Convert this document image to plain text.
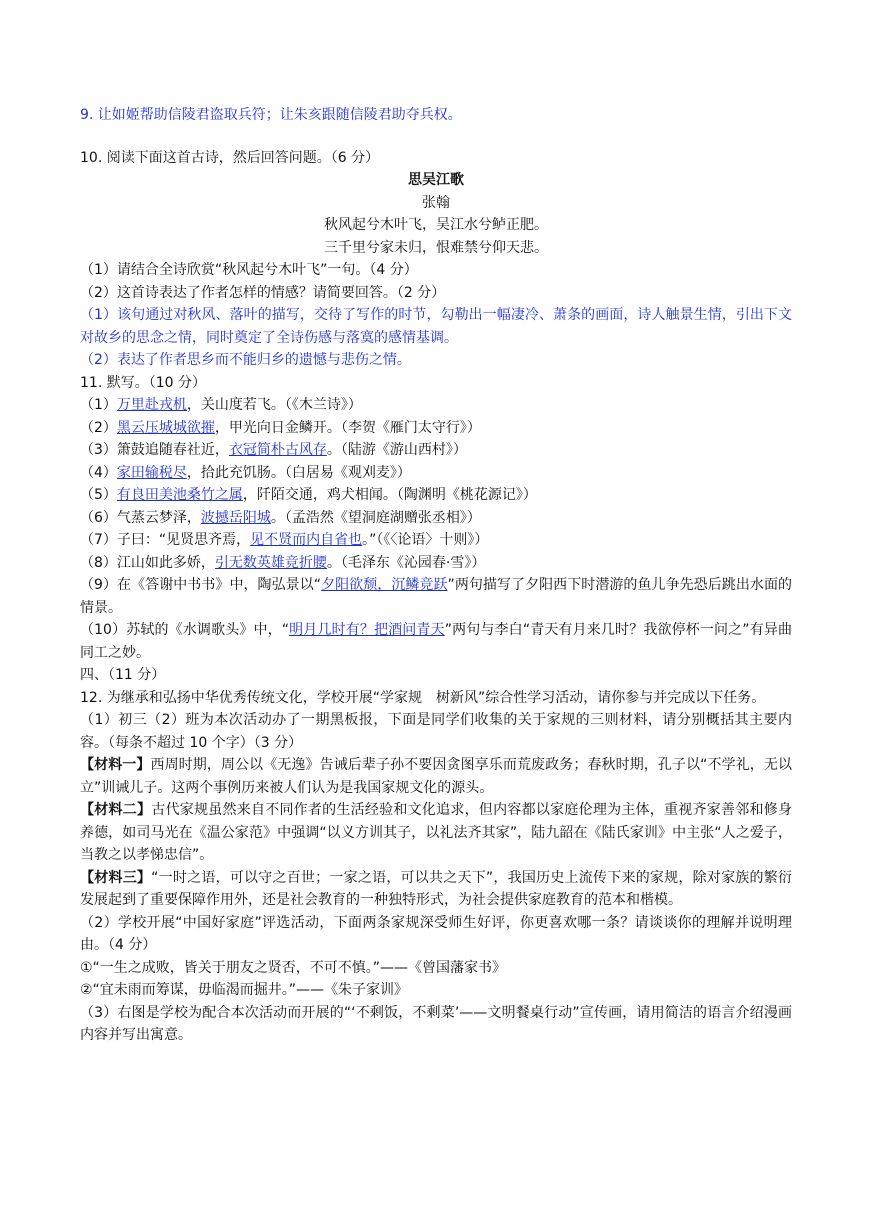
9. 让如姬帮助信陵君盗取兵符；让朱亥跟随信陵君助夺兵权。
10. 阅读下面这首古诗，然后回答问题。（6 分）
思吴江歌
张翰
秋风起兮木叶飞，吴江水兮鲈正肥。
三千里兮家未归，恨难禁兮仰天悲。
（1）请结合全诗欣赏“秋风起兮木叶飞”一句。（4 分）
（2）这首诗表达了作者怎样的情感？请简要回答。（2 分）
（1）该句通过对秋风、落叶的描写，交待了写作的时节，勾勒出一幅凄冷、萧条的画面，诗人触景生情，引出下文对故乡的思念之情，同时奠定了全诗伤感与落寞的感情基调。
（2）表达了作者思乡而不能归乡的遗憾与悲伤之情。
11. 默写。（10 分）
（1）万里赴戎机，关山度若飞。（《木兰诗》）
（2）黑云压城城欲摧，甲光向日金鳞开。（李贺《雁门太守行》）
（3）箫鼓追随春社近，衣冠简朴古风存。（陆游《游山西村》）
（4）家田输税尽，拾此充饥肠。（白居易《观刈麦》）
（5）有良田美池桑竹之属，阡陌交通，鸡犬相闻。（陶渊明《桃花源记》）
（6）气蒸云梦泽，波撼岳阳城。（孟浩然《望洞庭湖赠张丞相》）
（7）子曰：“见贤思齐焉，见不贤而内自省也。”（《〈论语〉十则》）
（8）江山如此多娇，引无数英雄竞折腰。（毛泽东《沁园春·雪》）
（9）在《答谢中书书》中，陶弘景以“夕阳欲颓，沉鳞竞跃”两句描写了夕阳西下时潜游的鱼儿争先恐后跳出水面的情景。
（10）苏轼的《水调歌头》中，“明月几时有？把酒问青天”两句与李白“青天有月来几时？我欲停杯一问之”有异曲同工之妙。
四、（11 分）
12. 为继承和弘扬中华优秀传统文化，学校开展“学家规　树新风”综合性学习活动，请你参与并完成以下任务。
（1）初三（2）班为本次活动办了一期黑板报，下面是同学们收集的关于家规的三则材料，请分别概括其主要内容。（每条不超过 10 个字）（3 分）
【材料一】西周时期，周公以《无逸》告诫后辈子孙不要因贪图享乐而荒废政务；春秋时期，孔子以“不学礼，无以立”训诫儿子。这两个事例历来被人们认为是我国家规文化的源头。
【材料二】古代家规虽然来自不同作者的生活经验和文化追求，但内容都以家庭伦理为主体，重视齐家善邻和修身养德，如司马光在《温公家范》中强调“以义方训其子，以礼法齐其家”，陆九韶在《陆氏家训》中主张“人之爱子，当教之以孝悌忠信”。
【材料三】“一时之语，可以守之百世；一家之语，可以共之天下”，我国历史上流传下来的家规，除对家族的繁衍发展起到了重要保障作用外，还是社会教育的一种独特形式，为社会提供家庭教育的范本和楷模。
（2）学校开展“中国好家庭”评选活动，下面两条家规深受师生好评，你更喜欢哪一条？请谈谈你的理解并说明理由。（4 分）
①“一生之成败，皆关于朋友之贤否，不可不慎。”——《曾国藩家书》
②“宜未雨而筹谋，毋临渴而掘井。”——《朱子家训》
（3）右图是学校为配合本次活动而开展的“‘不剩饭，不剩菜’——文明餐桌行动”宣传画，请用简洁的语言介绍漫画内容并写出寓意。
